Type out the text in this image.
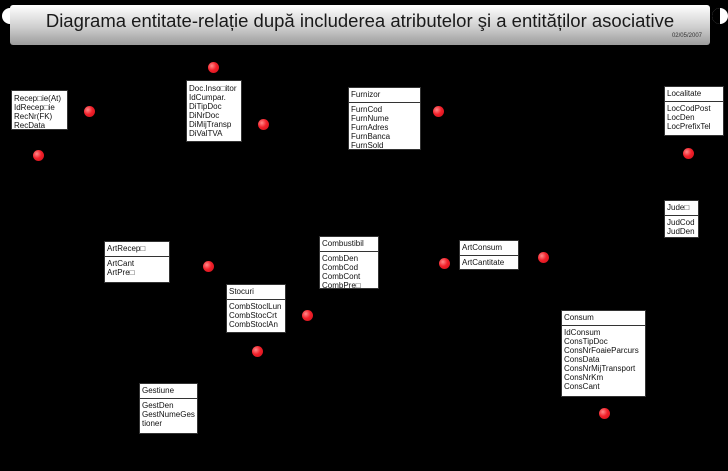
Diagrama entitate-relație după includerea atributelor şi a entităților asociative
02/05/2007
Recep□ie(At)
IdRecep□ie
RecNr(FK)
RecData
Doc.Inso□itor
IdCumpar.
DiTipDoc
DiNrDoc
DiMijTransp
DiValTVA
Furnizor
FurnCod
FurnNume
FurnAdres
FurnBanca
FurnSold
Localitate
LocCodPost
LocDen
LocPrefixTel
Jude□
JudCod
JudDen
ArtRecep□
ArtCant
ArtPre□
Combustibil
CombDen
CombCod
CombCont
CombPre□
ArtConsum
ArtCantitate
Stocuri
CombStoclLun
CombStocCrt
CombStoclAn
Consum
IdConsum
ConsTipDoc
ConsNrFoaieParcurs
ConsData
ConsNrMijTransport
ConsNrKm
ConsCant
Gestiune
GestDen
GestNumeGes
tioner
